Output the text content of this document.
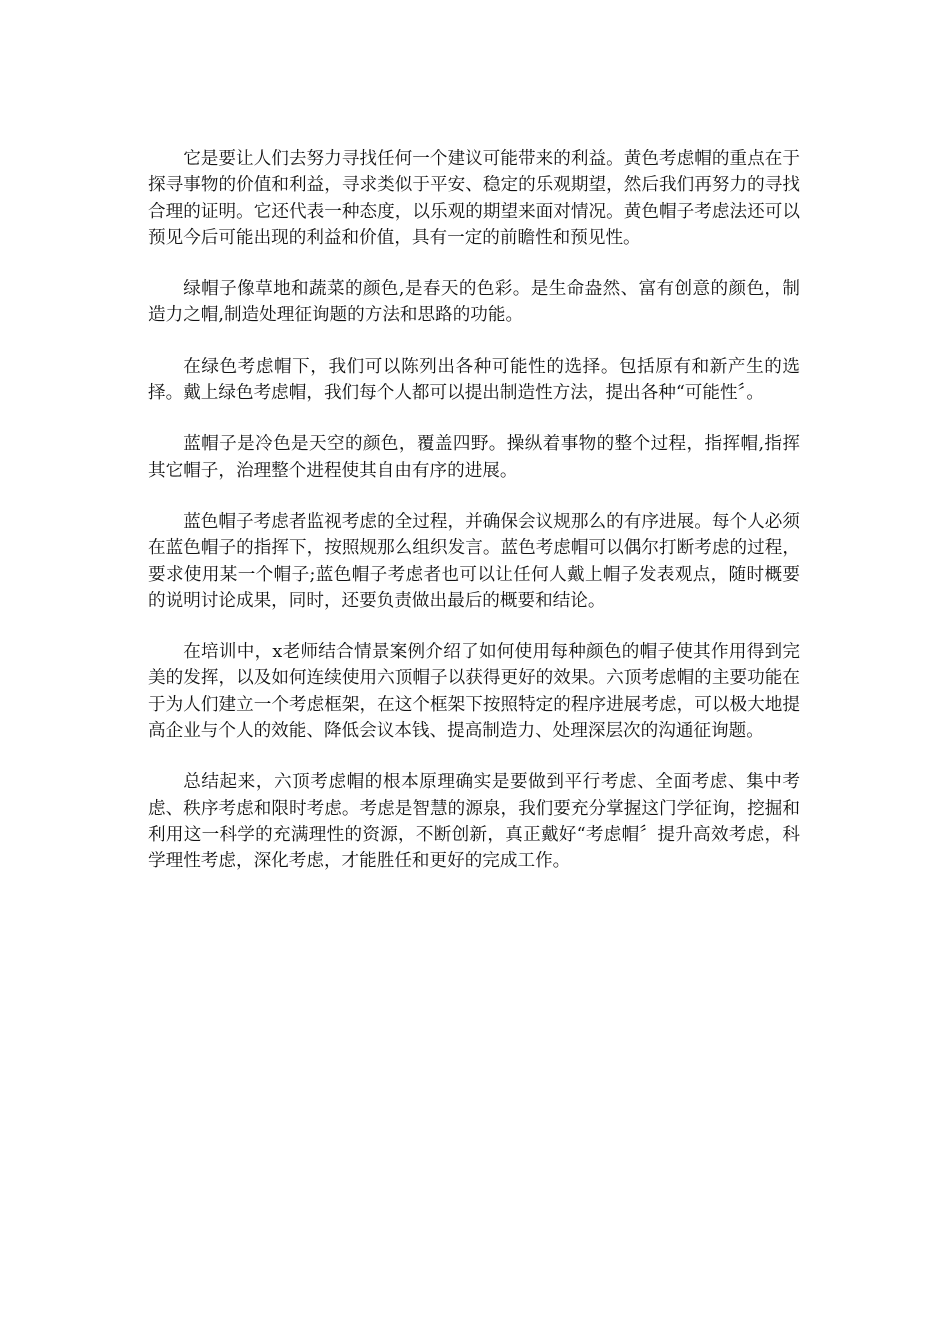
它是要让人们去努力寻找任何一个建议可能带来的利益。黄色考虑帽的重点在于探寻事物的价值和利益，寻求类似于平安、稳定的乐观期望，然后我们再努力的寻找合理的证明。它还代表一种态度，以乐观的期望来面对情况。黄色帽子考虑法还可以预见今后可能出现的利益和价值，具有一定的前瞻性和预见性。

绿帽子像草地和蔬菜的颜色,是春天的色彩。是生命盎然、富有创意的颜色，制造力之帽,制造处理征询题的方法和思路的功能。

在绿色考虑帽下，我们可以陈列出各种可能性的选择。包括原有和新产生的选择。戴上绿色考虑帽，我们每个人都可以提出制造性方法，提出各种“可能性〞。

蓝帽子是冷色是天空的颜色，覆盖四野。操纵着事物的整个过程，指挥帽,指挥其它帽子，治理整个进程使其自由有序的进展。

蓝色帽子考虑者监视考虑的全过程，并确保会议规那么的有序进展。每个人必须在蓝色帽子的指挥下，按照规那么组织发言。蓝色考虑帽可以偶尔打断考虑的过程，要求使用某一个帽子;蓝色帽子考虑者也可以让任何人戴上帽子发表观点，随时概要的说明讨论成果，同时，还要负责做出最后的概要和结论。

在培训中，x老师结合情景案例介绍了如何使用每种颜色的帽子使其作用得到完美的发挥，以及如何连续使用六顶帽子以获得更好的效果。六顶考虑帽的主要功能在于为人们建立一个考虑框架，在这个框架下按照特定的程序进展考虑，可以极大地提高企业与个人的效能、降低会议本钱、提高制造力、处理深层次的沟通征询题。

总结起来，六顶考虑帽的根本原理确实是要做到平行考虑、全面考虑、集中考虑、秩序考虑和限时考虑。考虑是智慧的源泉，我们要充分掌握这门学征询，挖掘和利用这一科学的充满理性的资源，不断创新，真正戴好“考虑帽〞提升高效考虑，科学理性考虑，深化考虑，才能胜任和更好的完成工作。
